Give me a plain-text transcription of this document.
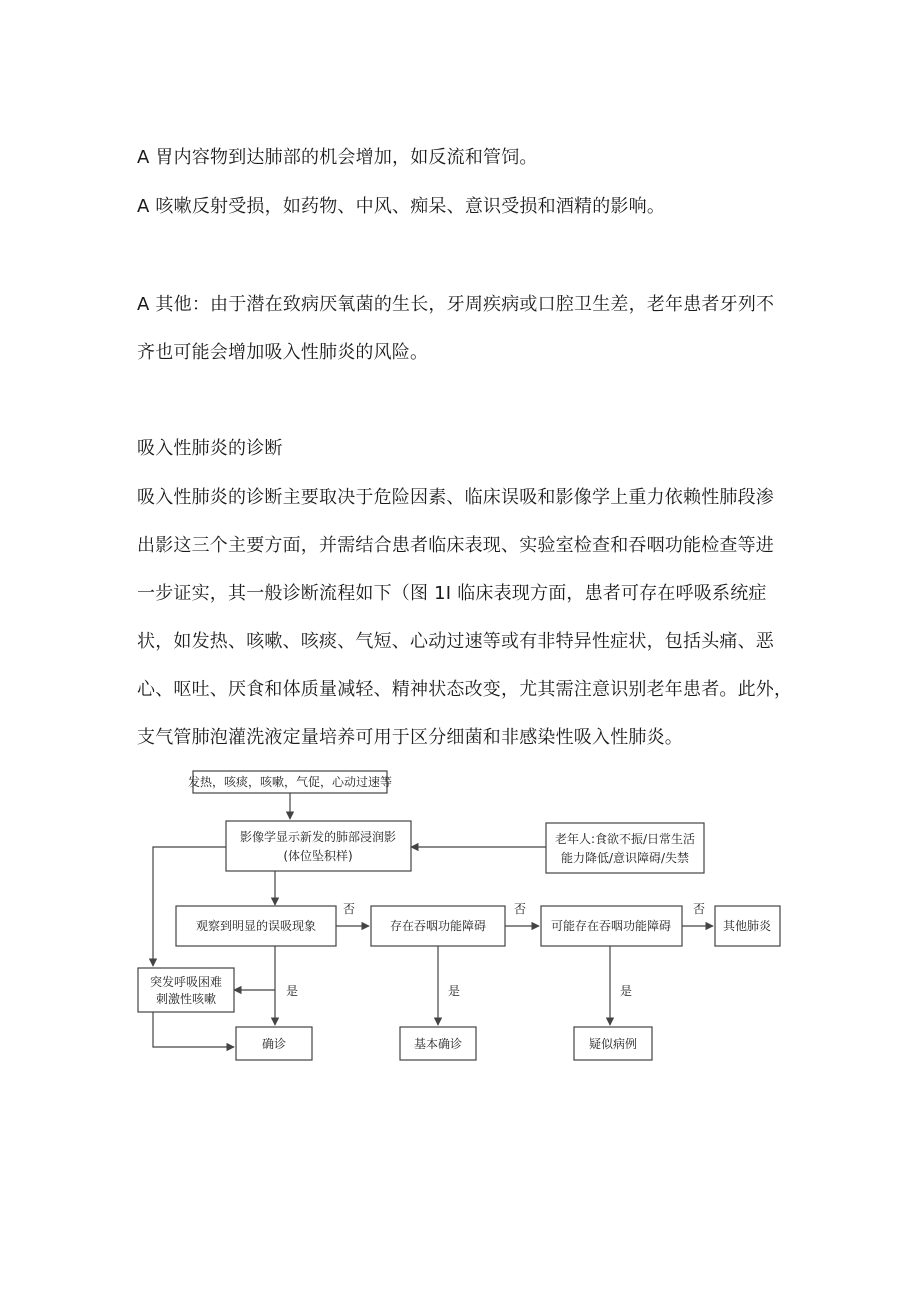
A 胃内容物到达肺部的机会增加，如反流和管饲。
A 咳嗽反射受损，如药物、中风、痴呆、意识受损和酒精的影响。
A 其他：由于潜在致病厌氧菌的生长，牙周疾病或口腔卫生差，老年患者牙列不
齐也可能会增加吸入性肺炎的风险。
吸入性肺炎的诊断
吸入性肺炎的诊断主要取决于危险因素、临床误吸和影像学上重力依赖性肺段渗
出影这三个主要方面，并需结合患者临床表现、实验室检查和吞咽功能检查等进
一步证实，其一般诊断流程如下（图 1I 临床表现方面，患者可存在呼吸系统症
状，如发热、咳嗽、咳痰、气短、心动过速等或有非特异性症状，包括头痛、恶
心、呕吐、厌食和体质量减轻、精神状态改变，尤其需注意识别老年患者。此外，
支气管肺泡灌洗液定量培养可用于区分细菌和非感染性吸入性肺炎。
否	否	否
是	是	是
发热，咳痰，咳嗽，气促，心动过速等
影像学显示新发的肺部浸润影
(体位坠积样)
老年人:食欲不振/日常生活
能力降低/意识障碍/失禁
观察到明显的误吸现象	存在吞咽功能障碍	可能存在吞咽功能障碍	其他肺炎
突发呼吸困难
刺激性咳嗽
确诊	基本确诊	疑似病例
